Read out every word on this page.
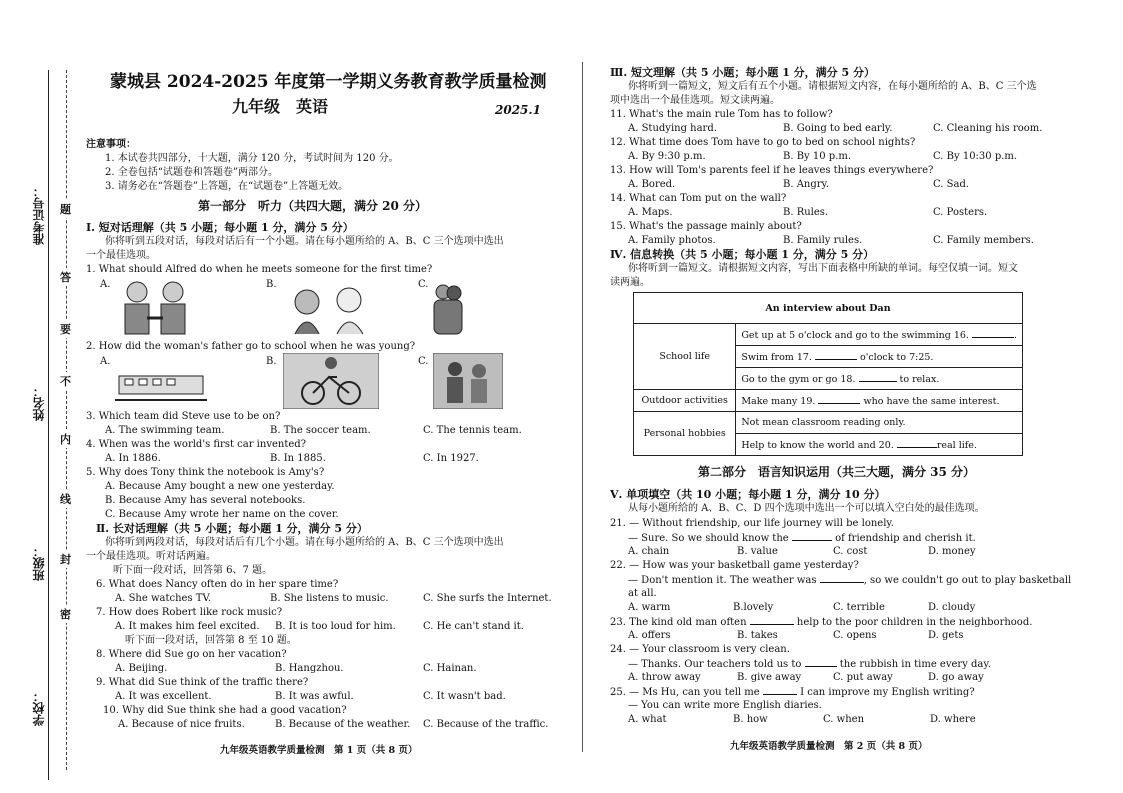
准考证号：
姓名：
班级：
学校：
题
答
要
不
内
线
封
密
蒙城县 2024-2025 年度第一学期义务教育教学质量检测
九年级　英语	2025.1
注意事项：
1. 本试卷共四部分，十大题，满分 120 分，考试时间为 120 分。
2. 全卷包括“试题卷和答题卷”两部分。
3. 请务必在“答题卷”上答题，在“试题卷”上答题无效。
第一部分　听力（共四大题，满分 20 分）
Ⅰ. 短对话理解（共 5 小题；每小题 1 分，满分 5 分）
你将听到五段对话，每段对话后有一个小题。请在每小题所给的 A、B、C 三个选项中选出
一个最佳选项。
1. What should Alfred do when he meets someone for the first time?
A.	B.	C.
2. How did the woman's father go to school when he was young?
A.	B.	C.
3. Which team did Steve use to be on?
A. The swimming team.	B. The soccer team.	C. The tennis team.
4. When was the world's first car invented?
A. In 1886.	B. In 1885.	C. In 1927.
5. Why does Tony think the notebook is Amy's?
A. Because Amy bought a new one yesterday.
B. Because Amy has several notebooks.
C. Because Amy wrote her name on the cover.
Ⅱ. 长对话理解（共 5 小题；每小题 1 分，满分 5 分）
你将听到两段对话，每段对话后有几个小题。请在每小题所给的 A、B、C 三个选项中选出
一个最佳选项。听对话两遍。
听下面一段对话，回答第 6、7 题。
6. What does Nancy often do in her spare time?
A. She watches TV.	B. She listens to music.	C. She surfs the Internet.
7. How does Robert like rock music?
A. It makes him feel excited. B. It is too loud for him.	C. He can't stand it.
听下面一段对话，回答第 8 至 10 题。
8. Where did Sue go on her vacation?
A. Beijing.	B. Hangzhou.	C. Hainan.
9. What did Sue think of the traffic there?
A. It was excellent.	B. It was awful.	C. It wasn't bad.
10. Why did Sue think she had a good vacation?
A. Because of nice fruits.	B. Because of the weather. C. Because of the traffic.
九年级英语教学质量检测　第 1 页（共 8 页）
Ⅲ. 短文理解（共 5 小题；每小题 1 分，满分 5 分）
你将听到一篇短文，短文后有五个小题。请根据短文内容，在每小题所给的 A、B、C 三个选
项中选出一个最佳选项。短文读两遍。
11. What's the main rule Tom has to follow?
A. Studying hard.	B. Going to bed early.	C. Cleaning his room.
12. What time does Tom have to go to bed on school nights?
A. By 9:30 p.m.	B. By 10 p.m.	C. By 10:30 p.m.
13. How will Tom's parents feel if he leaves things everywhere?
A. Bored.	B. Angry.	C. Sad.
14. What can Tom put on the wall?
A. Maps.	B. Rules.	C. Posters.
15. What's the passage mainly about?
A. Family photos.	B. Family rules.	C. Family members.
Ⅳ. 信息转换（共 5 小题；每小题 1 分，满分 5 分）
你将听到一篇短文。请根据短文内容，写出下面表格中所缺的单词。每空仅填一词。短文
读两遍。
An interview about Dan	
School life	Get up at 5 o'clock and go to the swimming 16. .
	Swim from 17. o'clock to 7:25.
	Go to the gym or go 18. to relax.
Outdoor activities	Make many 19. who have the same interest.
Personal hobbies	Not mean classroom reading only.
	Help to know the world and 20. real life.
第二部分　语言知识运用（共三大题，满分 35 分）
Ⅴ. 单项填空（共 10 小题；每小题 1 分，满分 10 分）
从每小题所给的 A、B、C、D 四个选项中选出一个可以填入空白处的最佳选项。
21. — Without friendship, our life journey will be lonely.
— Sure. So we should know the	of friendship and cherish it.
A. chain	B. value	C. cost	D. money
22. — How was your basketball game yesterday?
— Don't mention it. The weather was	, so we couldn't go out to play basketball
at all.
A. warm	B.lovely	C. terrible	D. cloudy
23. The kind old man often	help to the poor children in the neighborhood.
A. offers	B. takes	C. opens	D. gets
24. — Your classroom is very clean.
— Thanks. Our teachers told us to	the rubbish in time every day.
A. throw away	B. give away	C. put away	D. go away
25. — Ms Hu, can you tell me	I can improve my English writing?
— You can write more English diaries.
A. what	B. how	C. when	D. where
九年级英语教学质量检测　第 2 页（共 8 页）
